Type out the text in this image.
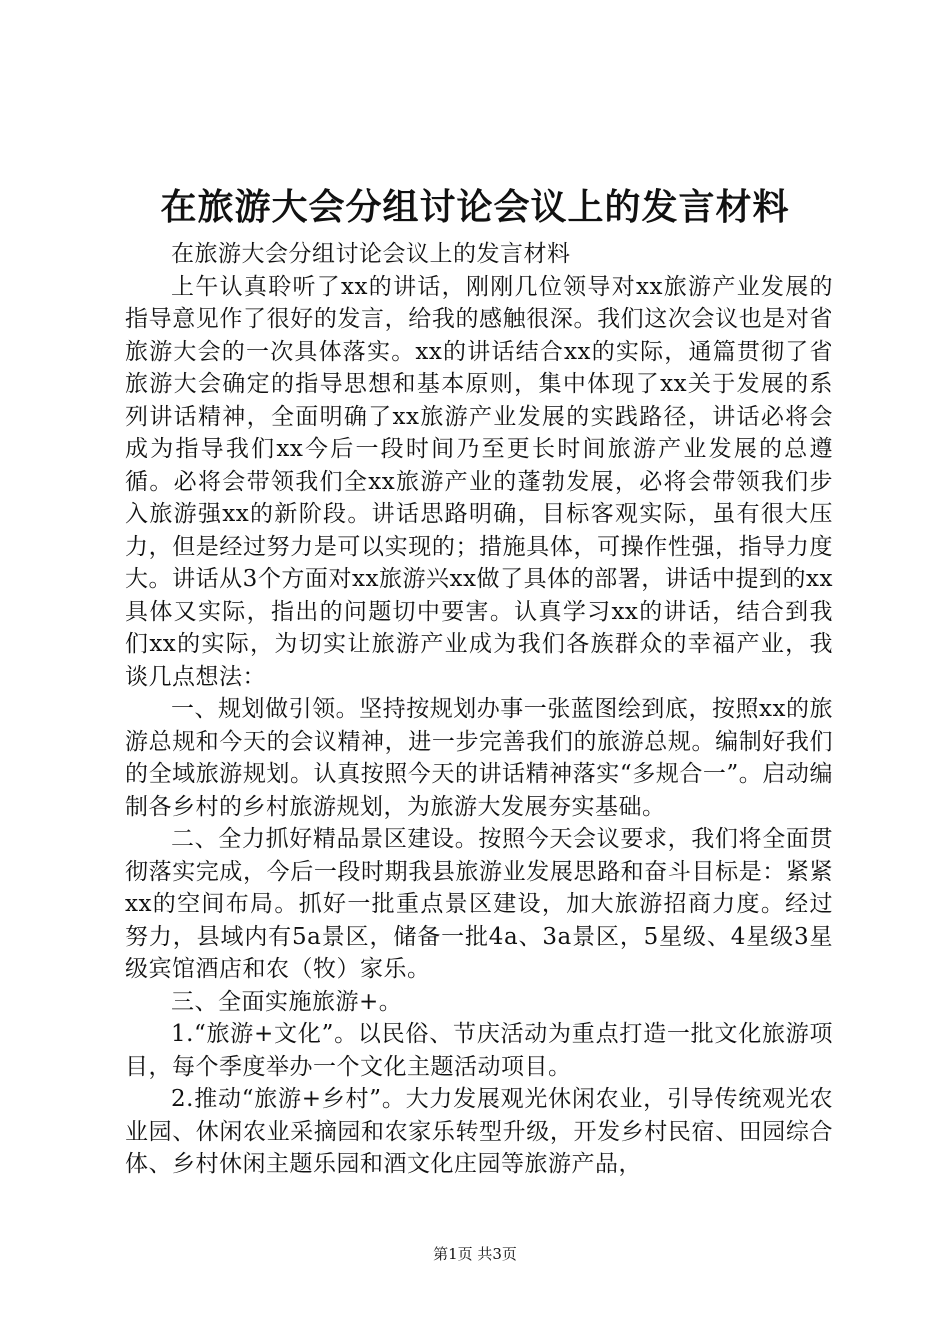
在旅游大会分组讨论会议上的发言材料

在旅游大会分组讨论会议上的发言材料

上午认真聆听了xx的讲话，刚刚几位领导对xx旅游产业发展的指导意见作了很好的发言，给我的感触很深。我们这次会议也是对省旅游大会的一次具体落实。xx的讲话结合xx的实际，通篇贯彻了省旅游大会确定的指导思想和基本原则，集中体现了xx关于发展的系列讲话精神，全面明确了xx旅游产业发展的实践路径，讲话必将会成为指导我们xx今后一段时间乃至更长时间旅游产业发展的总遵循。必将会带领我们全xx旅游产业的蓬勃发展，必将会带领我们步入旅游强xx的新阶段。讲话思路明确，目标客观实际，虽有很大压力，但是经过努力是可以实现的；措施具体，可操作性强，指导力度大。讲话从3个方面对xx旅游兴xx做了具体的部署，讲话中提到的xx具体又实际，指出的问题切中要害。认真学习xx的讲话，结合到我们xx的实际，为切实让旅游产业成为我们各族群众的幸福产业，我谈几点想法：

一、规划做引领。坚持按规划办事一张蓝图绘到底，按照xx的旅游总规和今天的会议精神，进一步完善我们的旅游总规。编制好我们的全域旅游规划。认真按照今天的讲话精神落实“多规合一”。启动编制各乡村的乡村旅游规划，为旅游大发展夯实基础。

二、全力抓好精品景区建设。按照今天会议要求，我们将全面贯彻落实完成，今后一段时期我县旅游业发展思路和奋斗目标是：紧紧xx的空间布局。抓好一批重点景区建设，加大旅游招商力度。经过努力，县域内有5a景区，储备一批4a、3a景区，5星级、4星级3星级宾馆酒店和农（牧）家乐。

三、全面实施旅游+。

1.“旅游+文化”。以民俗、节庆活动为重点打造一批文化旅游项目，每个季度举办一个文化主题活动项目。

2.推动“旅游+乡村”。大力发展观光休闲农业，引导传统观光农业园、休闲农业采摘园和农家乐转型升级，开发乡村民宿、田园综合体、乡村休闲主题乐园和酒文化庄园等旅游产品，

第1页 共3页
